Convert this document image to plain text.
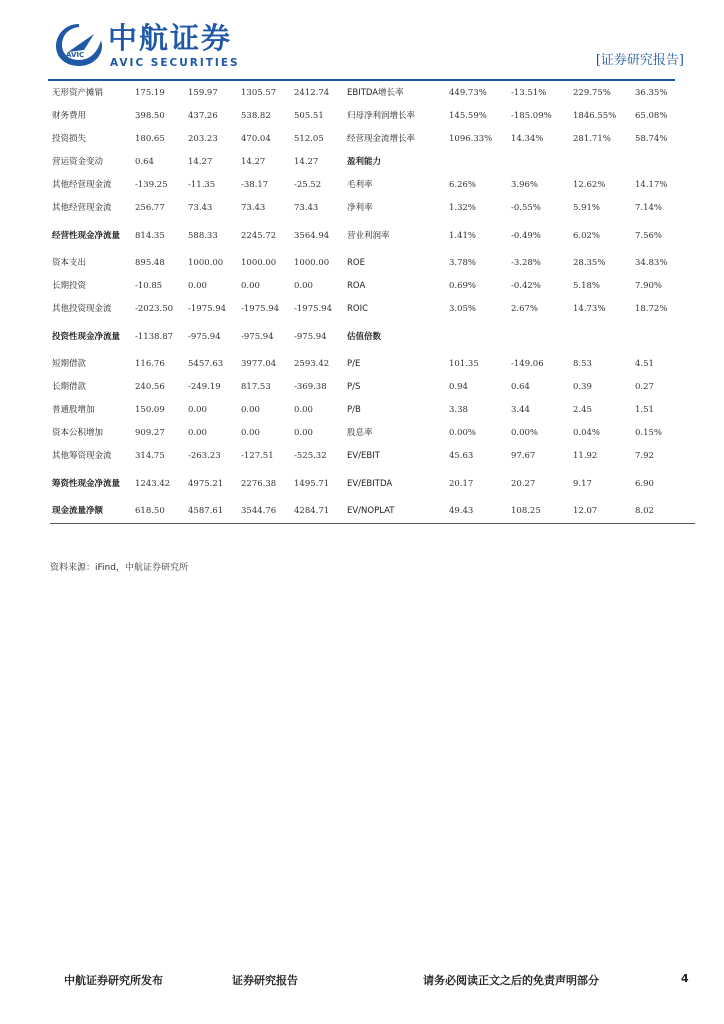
AVIC 中航证券
AVIC SECURITIES	[证券研究报告]
无形资产摊销	175.19	159.97	1305.57	2412.74	EBITDA增长率	449.73%	-13.51%	229.75%	36.35%
财务费用	398.50	437.26	538.82	505.51	归母净利润增长率	145.59%	-185.09%	1846.55%	65.08%
投资损失	180.65	203.23	470.04	512.05	经营现金流增长率	1096.33%	14.34%	281.71%	58.74%
营运资金变动	0.64	14.27	14.27	14.27	盈利能力				
其他经营现金流	-139.25	-11.35	-38.17	-25.52	毛利率	6.26%	3.96%	12.62%	14.17%
其他经营现金流	256.77	73.43	73.43	73.43	净利率	1.32%	-0.55%	5.91%	7.14%
经营性现金净流量	814.35	588.33	2245.72	3564.94	营业利润率	1.41%	-0.49%	6.02%	7.56%
资本支出	895.48	1000.00	1000.00	1000.00	ROE	3.78%	-3.28%	28.35%	34.83%
长期投资	-10.85	0.00	0.00	0.00	ROA	0.69%	-0.42%	5.18%	7.90%
其他投资现金流	-2023.50	-1975.94	-1975.94	-1975.94	ROIC	3.05%	2.67%	14.73%	18.72%
投资性现金净流量	-1138.87	-975.94	-975.94	-975.94	估值倍数				
短期借款	116.76	5457.63	3977.04	2593.42	P/E	101.35	-149.06	8.53	4.51
长期借款	240.56	-249.19	817.53	-369.38	P/S	0.94	0.64	0.39	0.27
普通股增加	150.09	0.00	0.00	0.00	P/B	3.38	3.44	2.45	1.51
资本公积增加	909.27	0.00	0.00	0.00	股息率	0.00%	0.00%	0.04%	0.15%
其他筹资现金流	314.75	-263.23	-127.51	-525.32	EV/EBIT	45.63	97.67	11.92	7.92
筹资性现金净流量	1243.42	4975.21	2276.38	1495.71	EV/EBITDA	20.17	20.27	9.17	6.90
现金流量净额	618.50	4587.61	3544.76	4284.71	EV/NOPLAT	49.43	108.25	12.07	8.02
资料来源：iFind，中航证券研究所
中航证券研究所发布	证券研究报告	请务必阅读正文之后的免责声明部分	4
